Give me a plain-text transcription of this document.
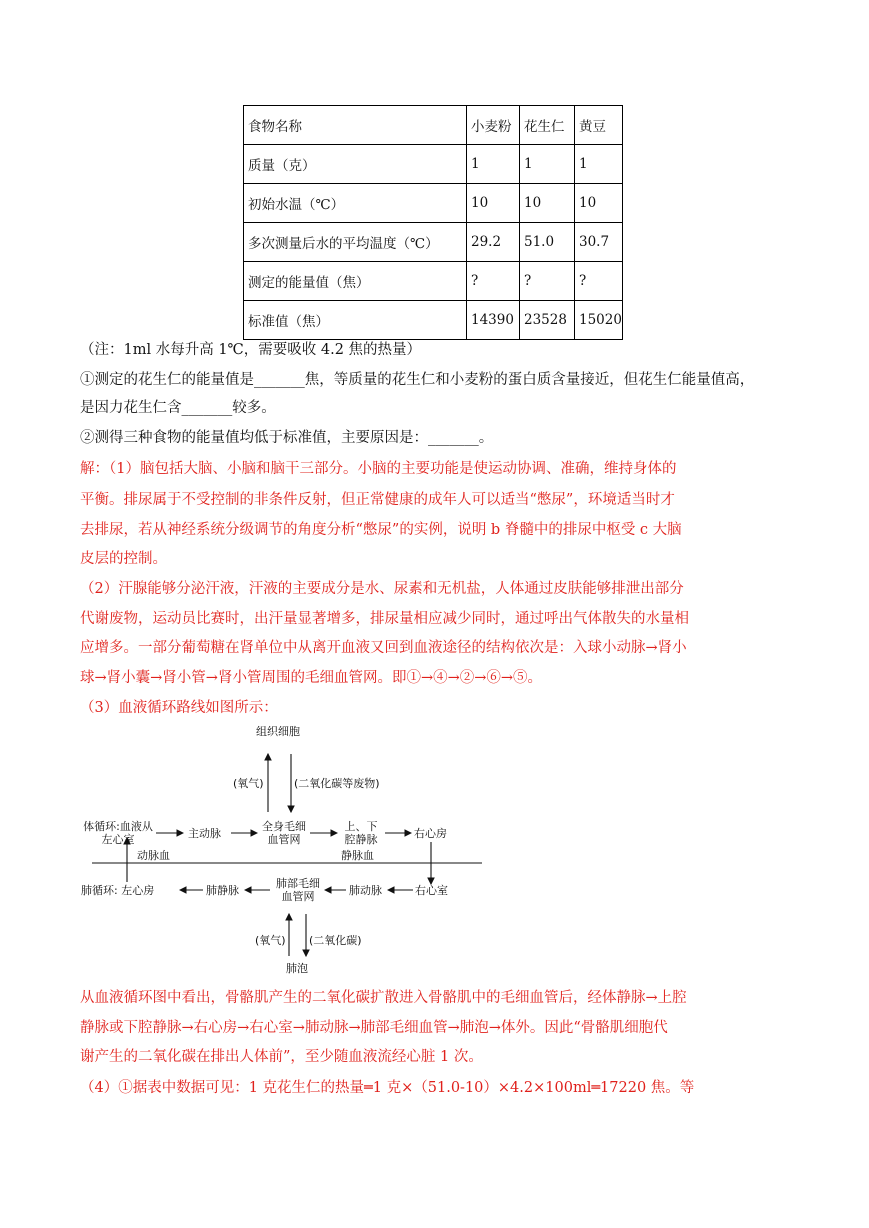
食物名称	小麦粉	花生仁	黄豆
质量（克）	1	1	1
初始水温（℃）	10	10	10
多次测量后水的平均温度（℃）	29.2	51.0	30.7
测定的能量值（焦）	?	?	?
标准值（焦）	14390	23528	15020
（注：1ml 水每升高 1℃，需要吸收 4.2 焦的热量）
①测定的花生仁的能量值是_______焦，等质量的花生仁和小麦粉的蛋白质含量接近，但花生仁能量值高，
是因力花生仁含_______较多。
②测得三种食物的能量值均低于标准值，主要原因是：_______。
解：（1）脑包括大脑、小脑和脑干三部分。小脑的主要功能是使运动协调、准确，维持身体的
平衡。排尿属于不受控制的非条件反射，但正常健康的成年人可以适当“憋尿”，环境适当时才
去排尿，若从神经系统分级调节的角度分析“憋尿”的实例，说明 b 脊髓中的排尿中枢受 c 大脑
皮层的控制。
（2）汗腺能够分泌汗液，汗液的主要成分是水、尿素和无机盐，人体通过皮肤能够排泄出部分
代谢废物，运动员比赛时，出汗量显著增多，排尿量相应减少同时，通过呼出气体散失的水量相
应增多。一部分葡萄糖在肾单位中从离开血液又回到血液途径的结构依次是：入球小动脉→肾小
球→肾小囊→肾小管→肾小管周围的毛细血管网。即①→④→②→⑥→⑤。
（3）血液循环路线如图所示：
组织细胞
(氧气)	(二氧化碳等废物)
体循环:血液从
左心室	主动脉
全身毛细
血管网
上、下
腔静脉	右心房
动脉血	静脉血
肺循环: 左心房	肺静脉
肺部毛细
血管网	肺动脉	右心室
(氧气) (二氧化碳)
肺泡
从血液循环图中看出，骨骼肌产生的二氧化碳扩散进入骨骼肌中的毛细血管后，经体静脉→上腔
静脉或下腔静脉→右心房→右心室→肺动脉→肺部毛细血管→肺泡→体外。因此“骨骼肌细胞代
谢产生的二氧化碳在排出人体前”，至少随血液流经心脏 1 次。
（4）①据表中数据可见：1 克花生仁的热量═1 克×（51.0-10）×4.2×100ml═17220 焦。等
